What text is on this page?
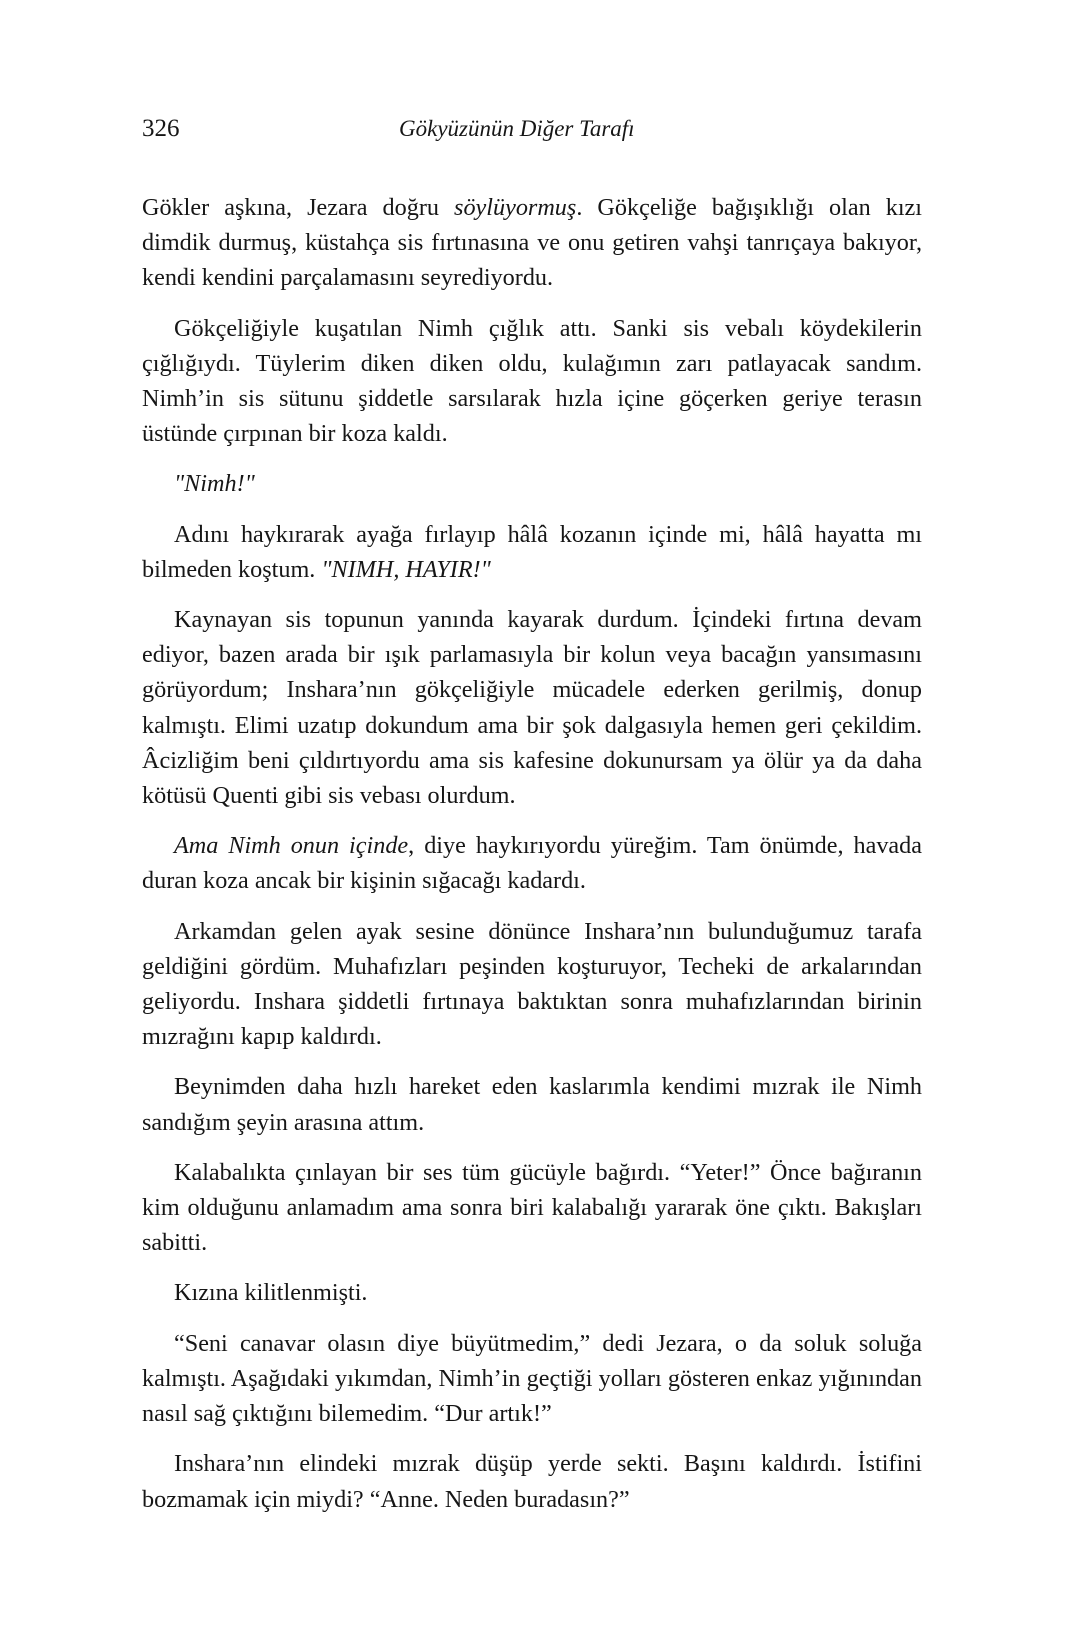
326	Gökyüzünün Diğer Tarafı

Gökler aşkına, Jezara doğru söylüyormuş. Gökçeliğe bağışıklığı olan kızı dimdik durmuş, küstahça sis fırtınasına ve onu getiren vahşi tanrıçaya bakıyor, kendi kendini parçalamasını seyrediyordu.

Gökçeliğiyle kuşatılan Nimh çığlık attı. Sanki sis vebalı köydekilerin çığlığıydı. Tüylerim diken diken oldu, kulağımın zarı patlayacak sandım. Nimh’in sis sütunu şiddetle sarsılarak hızla içine göçerken geriye terasın üstünde çırpınan bir koza kaldı.

"Nimh!"

Adını haykırarak ayağa fırlayıp hâlâ kozanın içinde mi, hâlâ hayatta mı bilmeden koştum. "NIMH, HAYIR!"

Kaynayan sis topunun yanında kayarak durdum. İçindeki fırtına devam ediyor, bazen arada bir ışık parlamasıyla bir kolun veya bacağın yansımasını görüyordum; Inshara’nın gökçeliğiyle mücadele ederken gerilmiş, donup kalmıştı. Elimi uzatıp dokundum ama bir şok dalgasıyla hemen geri çekildim. Âcizliğim beni çıldırtıyordu ama sis kafesine dokunursam ya ölür ya da daha kötüsü Quenti gibi sis vebası olurdum.

Ama Nimh onun içinde, diye haykırıyordu yüreğim. Tam önümde, havada duran koza ancak bir kişinin sığacağı kadardı.

Arkamdan gelen ayak sesine dönünce Inshara’nın bulunduğumuz tarafa geldiğini gördüm. Muhafızları peşinden koşturuyor, Techeki de arkalarından geliyordu. Inshara şiddetli fırtınaya baktıktan sonra muhafızlarından birinin mızrağını kapıp kaldırdı.

Beynimden daha hızlı hareket eden kaslarımla kendimi mızrak ile Nimh sandığım şeyin arasına attım.

Kalabalıkta çınlayan bir ses tüm gücüyle bağırdı. “Yeter!” Önce bağıranın kim olduğunu anlamadım ama sonra biri kalabalığı yararak öne çıktı. Bakışları sabitti.

Kızına kilitlenmişti.

“Seni canavar olasın diye büyütmedim,” dedi Jezara, o da soluk soluğa kalmıştı. Aşağıdaki yıkımdan, Nimh’in geçtiği yolları gösteren enkaz yığınından nasıl sağ çıktığını bilemedim. “Dur artık!”

Inshara’nın elindeki mızrak düşüp yerde sekti. Başını kaldırdı. İstifini bozmamak için miydi? “Anne. Neden buradasın?”
